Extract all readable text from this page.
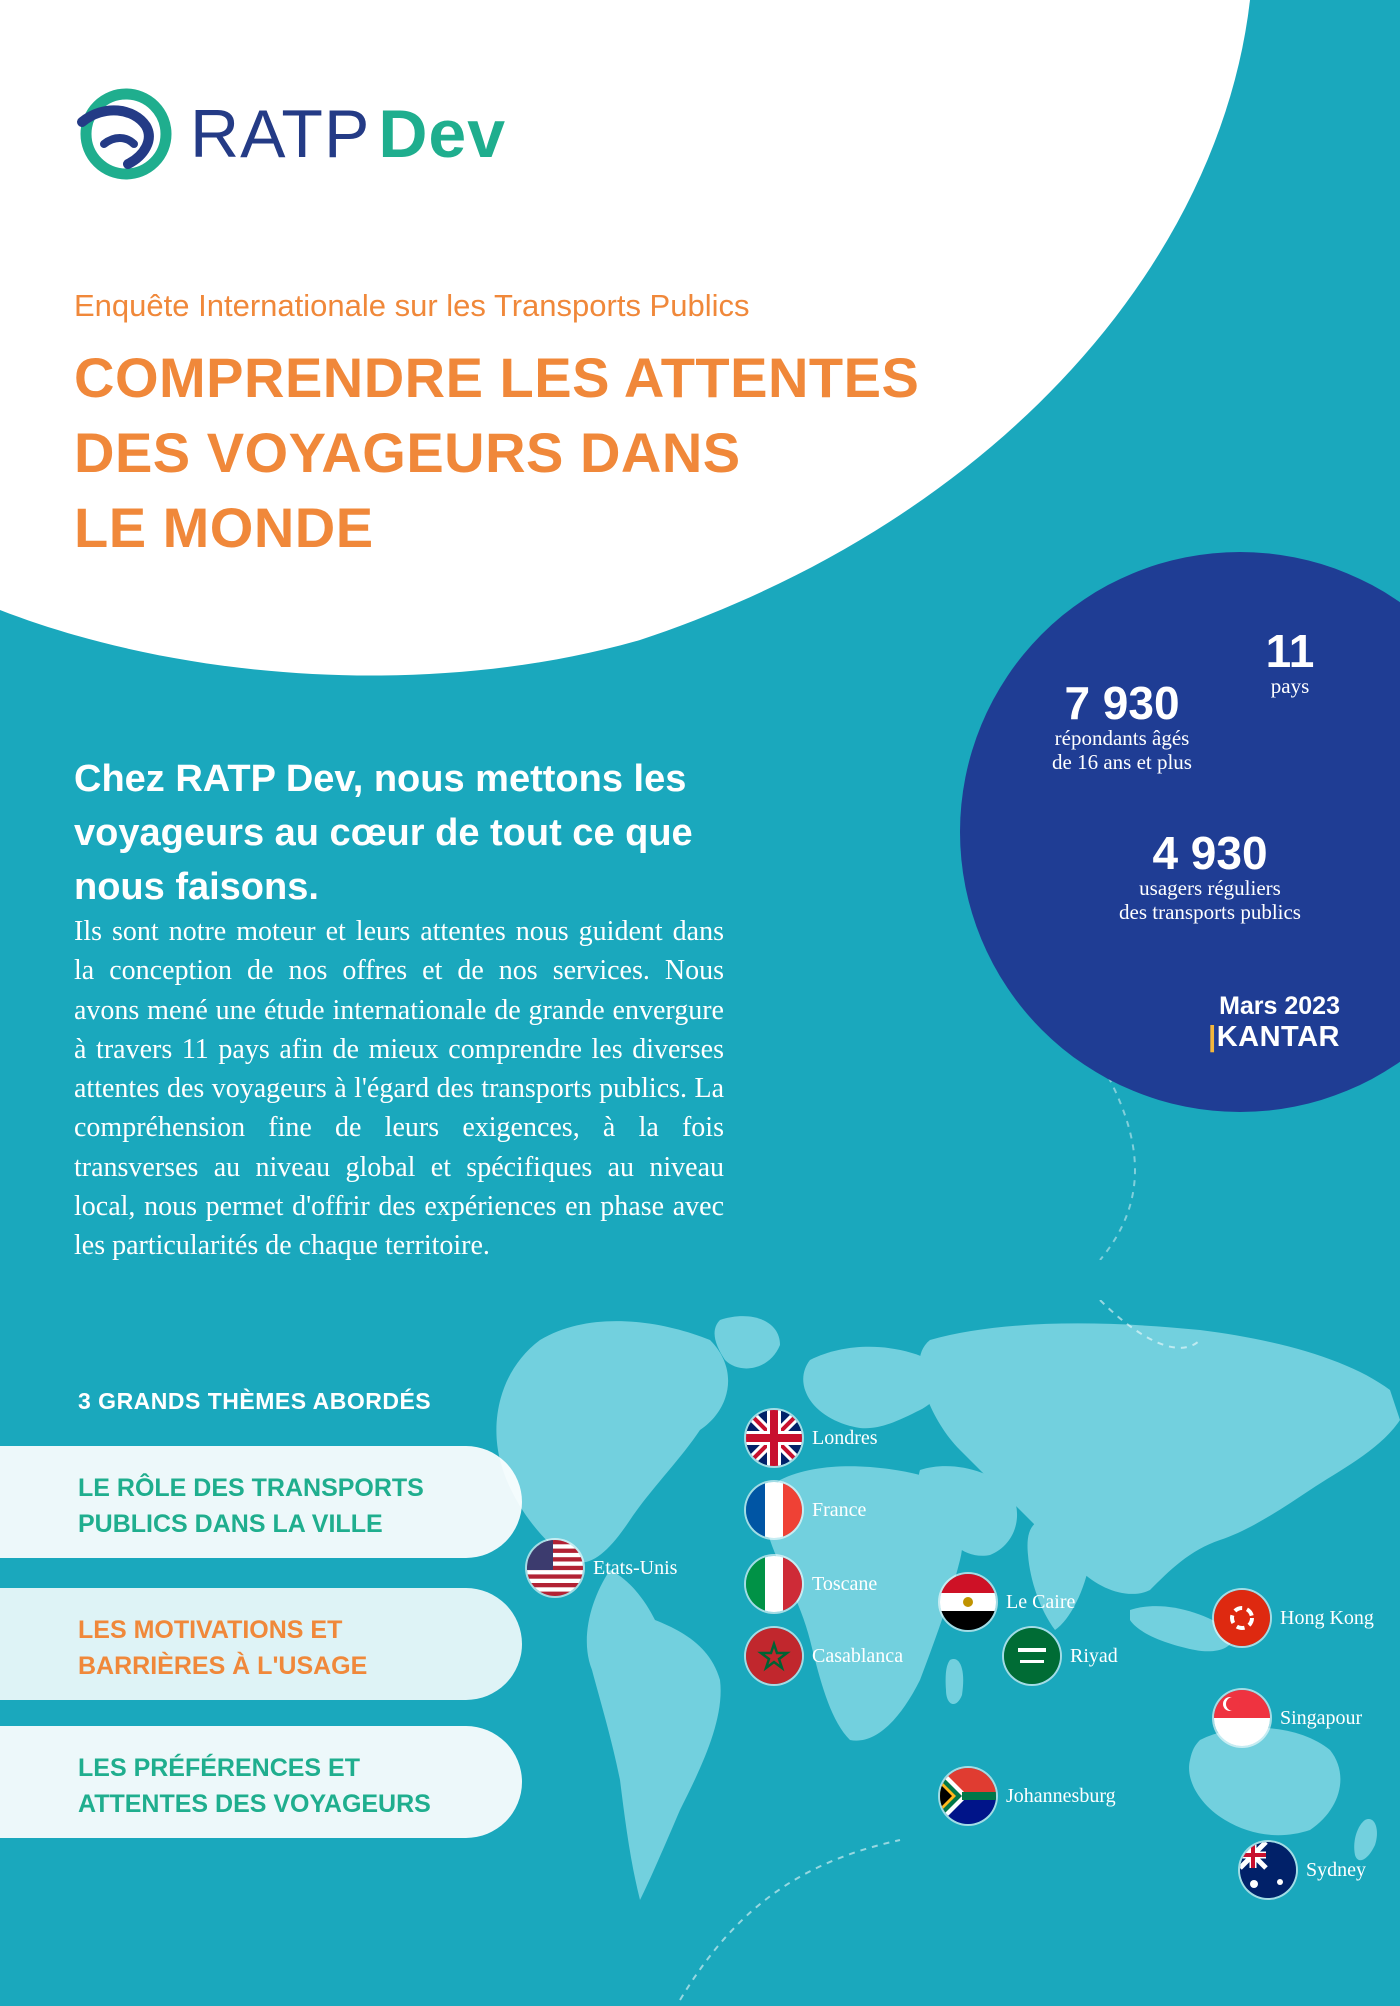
RATP Dev
Enquête Internationale sur les Transports Publics
COMPRENDRE LES ATTENTES
DES VOYAGEURS DANS
LE MONDE
7 930
répondants âgés
de 16 ans et plus
11
pays
4 930
usagers réguliers
des transports publics
Mars 2023
|KANTAR
Chez RATP Dev, nous mettons les voyageurs au cœur de tout ce que nous faisons.
Ils sont notre moteur et leurs attentes nous guident dans la conception de nos offres et de nos services. Nous avons mené une étude internationale de grande envergure à travers 11 pays afin de mieux comprendre les diverses attentes des voyageurs à l'égard des transports publics. La compréhension fine de leurs exigences, à la fois transverses au niveau global et spécifiques au niveau local, nous permet d'offrir des expériences en phase avec les particularités de chaque territoire.
3 GRANDS THÈMES ABORDÉS
LE RÔLE DES TRANSPORTS
PUBLICS DANS LA VILLE
LES MOTIVATIONS ET
BARRIÈRES À L'USAGE
LES PRÉFÉRENCES ET
ATTENTES DES VOYAGEURS
Londres
France
Etats-Unis
Toscane
Le Caire
Casablanca	Riyad
Hong Kong
Singapour
Johannesburg
Sydney
